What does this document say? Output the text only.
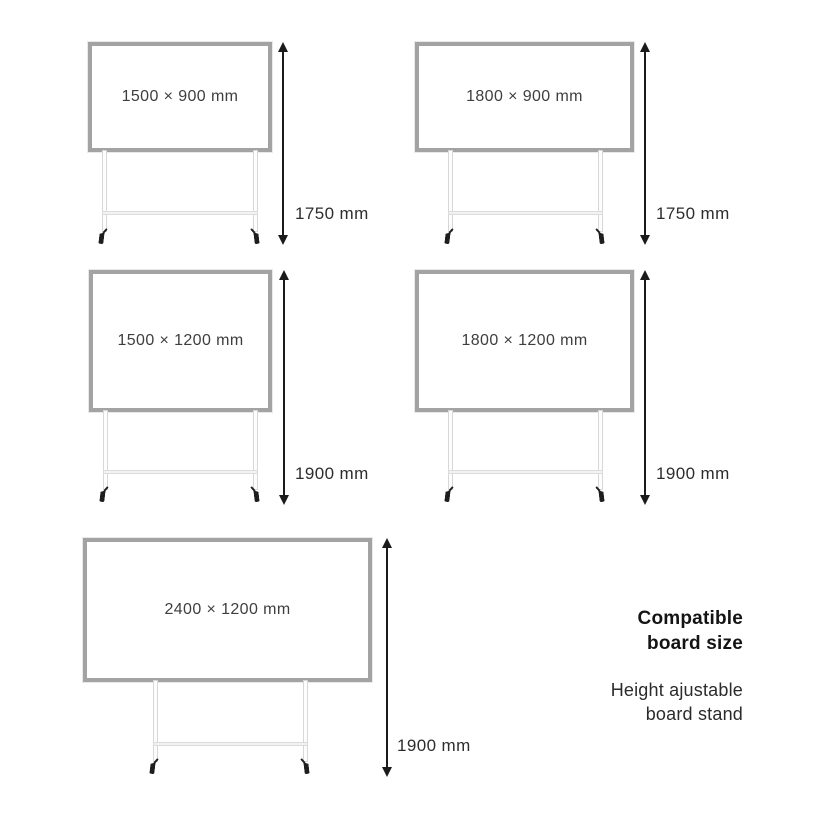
1500 × 900 mm
1750 mm
1800 × 900 mm
1750 mm
1500 × 1200 mm
1900 mm
1800 × 1200 mm
1900 mm
2400 × 1200 mm
1900 mm
Compatible
board size
Height ajustable
board stand
